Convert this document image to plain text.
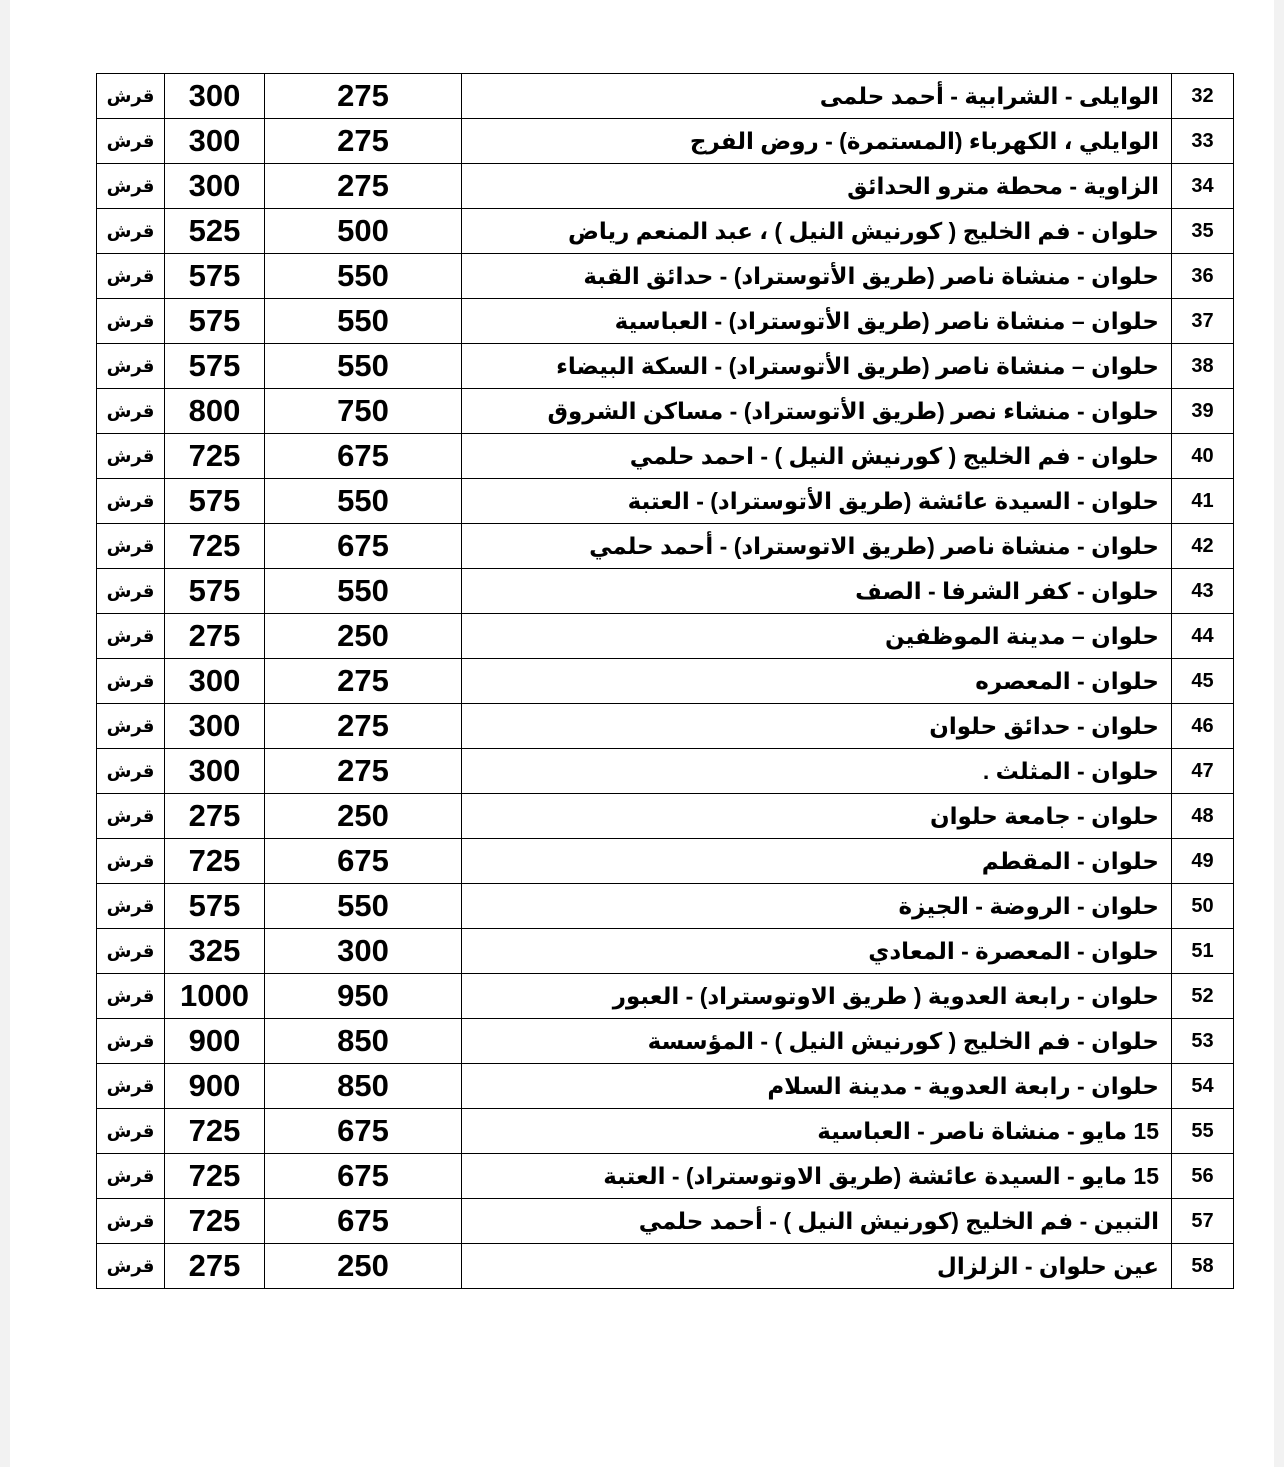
32	الوايلى - الشرابية - أحمد حلمى	275	300	قرش
33	الوايلي ، الكهرباء (المستمرة) - روض الفرج	275	300	قرش
34	الزاوية - محطة مترو الحدائق	275	300	قرش
35	حلوان - فم الخليج ( كورنيش النيل ) ، عبد المنعم رياض	500	525	قرش
36	حلوان - منشاة ناصر (طريق الأتوستراد) - حدائق القبة	550	575	قرش
37	حلوان – منشاة ناصر (طريق الأتوستراد) - العباسية	550	575	قرش
38	حلوان – منشاة ناصر (طريق الأتوستراد) - السكة البيضاء	550	575	قرش
39	حلوان - منشاء نصر (طريق الأتوستراد) - مساكن الشروق	750	800	قرش
40	حلوان - فم الخليج ( كورنيش النيل ) - احمد حلمي	675	725	قرش
41	حلوان - السيدة عائشة (طريق الأتوستراد) - العتبة	550	575	قرش
42	حلوان - منشاة ناصر (طريق الاتوستراد) - أحمد حلمي	675	725	قرش
43	حلوان - كفر الشرفا - الصف	550	575	قرش
44	حلوان – مدينة الموظفين	250	275	قرش
45	حلوان - المعصره	275	300	قرش
46	حلوان - حدائق حلوان	275	300	قرش
47	حلوان - المثلث .	275	300	قرش
48	حلوان - جامعة حلوان	250	275	قرش
49	حلوان - المقطم	675	725	قرش
50	حلوان - الروضة - الجيزة	550	575	قرش
51	حلوان - المعصرة - المعادي	300	325	قرش
52	حلوان - رابعة العدوية ( طريق الاوتوستراد) - العبور	950	1000	قرش
53	حلوان - فم الخليج ( كورنيش النيل ) - المؤسسة	850	900	قرش
54	حلوان - رابعة العدوية - مدينة السلام	850	900	قرش
55	15 مايو - منشاة ناصر - العباسية	675	725	قرش
56	15 مايو - السيدة عائشة (طريق الاوتوستراد) - العتبة	675	725	قرش
57	التبين - فم الخليج (كورنيش النيل ) - أحمد حلمي	675	725	قرش
58	عين حلوان - الزلزال	250	275	قرش
